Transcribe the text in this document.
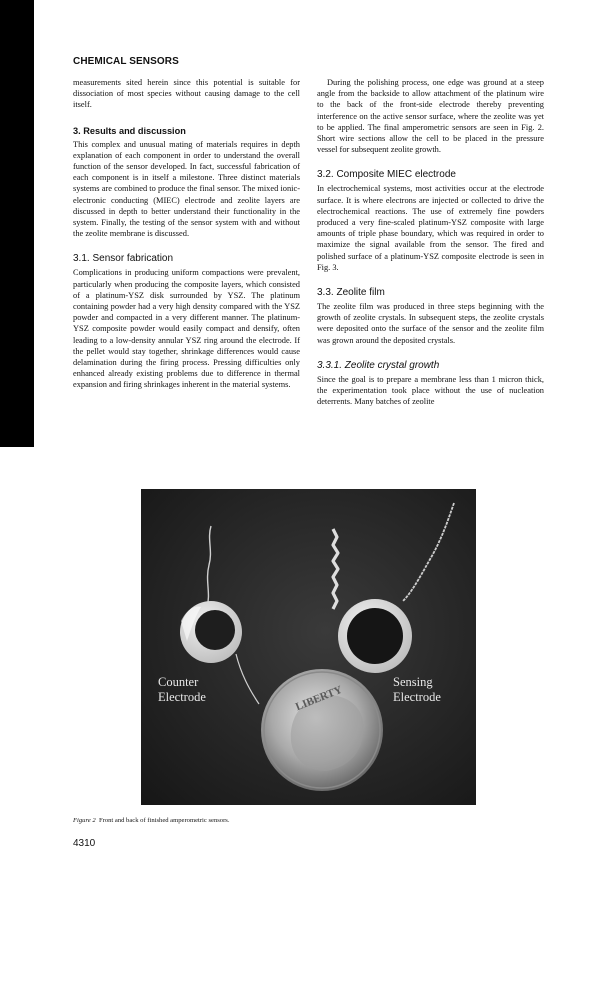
CHEMICAL SENSORS

measurements sited herein since this potential is suitable for dissociation of most species without causing damage to the cell itself.

3. Results and discussion

This complex and unusual mating of materials requires in depth explanation of each component in order to understand the overall function of the sensor developed. In fact, successful fabrication of each component is in itself a milestone. Three distinct materials systems are combined to produce the final sensor. The mixed ionic-electronic conducting (MIEC) electrode and zeolite layers are discussed in depth to better understand their functionality in the system. Finally, the testing of the sensor system with and without the zeolite membrane is discussed.

3.1. Sensor fabrication

Complications in producing uniform compactions were prevalent, particularly when producing the composite layers, which consisted of a platinum-YSZ disk surrounded by YSZ. The platinum containing powder had a very high density compared with the YSZ powder and compacted in a very different manner. The platinum-YSZ composite powder would easily compact and densify, often leading to a low-density annular YSZ ring around the electrode. If the pellet would stay together, shrinkage differences would cause delamination during the firing process. Pressing difficulties only enhanced already existing problems due to difference in thermal expansion and firing shrinkages inherent in the material systems.

During the polishing process, one edge was ground at a steep angle from the backside to allow attachment of the platinum wire to the back of the front-side electrode thereby preventing interference on the active sensor surface, where the zeolite was yet to be applied. The final amperometric sensors are seen in Fig. 2. Short wire sections allow the cell to be placed in the pressure vessel for subsequent zeolite growth.

3.2. Composite MIEC electrode

In electrochemical systems, most activities occur at the electrode surface. It is where electrons are injected or collected to drive the electrochemical reactions. The use of extremely fine powders produced a very fine-scaled platinum-YSZ composite with large amounts of triple phase boundary, which was required in order to maximize the signal available from the sensor. The fired and polished surface of a platinum-YSZ composite electrode is seen in Fig. 3.

3.3. Zeolite film

The zeolite film was produced in three steps beginning with the growth of zeolite crystals. In subsequent steps, the zeolite crystals were deposited onto the surface of the sensor and the zeolite film was grown around the deposited crystals.

3.3.1. Zeolite crystal growth

Since the goal is to prepare a membrane less than 1 micron thick, the experimentation took place without the use of nucleation deterrents. Many batches of zeolite

LIBERTY
Counter
Electrode
Sensing
Electrode
Figure 2 Front and back of finished amperometric sensors.
4310
